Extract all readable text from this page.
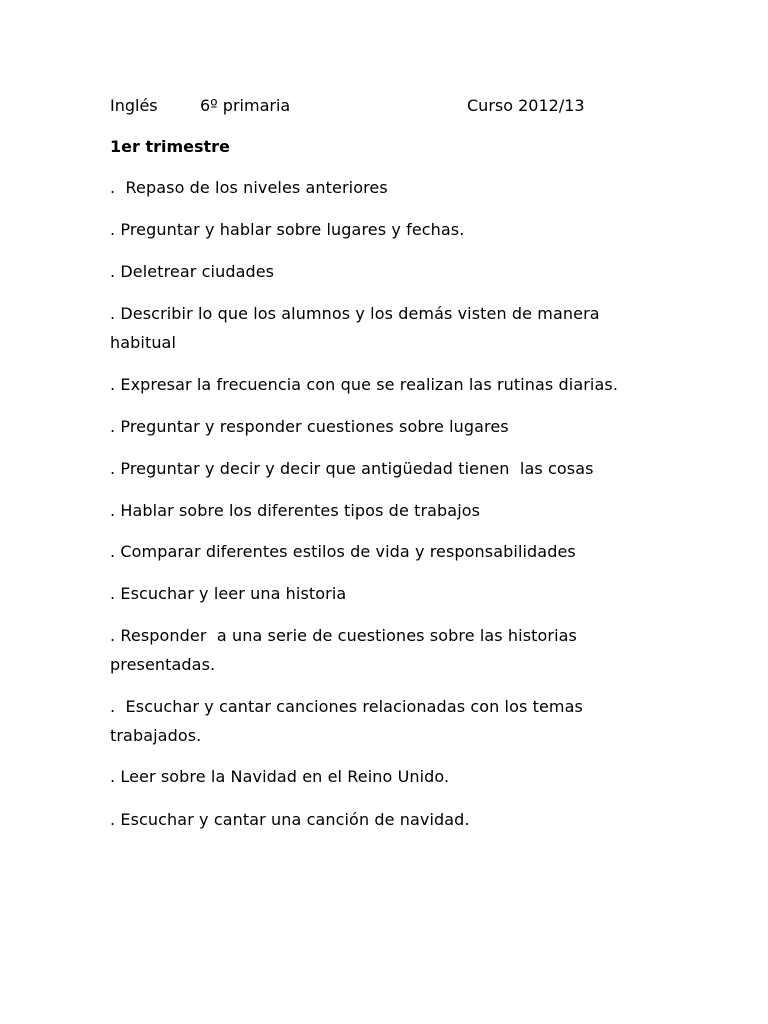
Inglés	6º primaria	Curso 2012/13
1er trimestre
.  Repaso de los niveles anteriores
. Preguntar y hablar sobre lugares y fechas.
. Deletrear ciudades
. Describir lo que los alumnos y los demás visten de manera
habitual
. Expresar la frecuencia con que se realizan las rutinas diarias.
. Preguntar y responder cuestiones sobre lugares
. Preguntar y decir y decir que antigüedad tienen  las cosas
. Hablar sobre los diferentes tipos de trabajos
. Comparar diferentes estilos de vida y responsabilidades
. Escuchar y leer una historia
. Responder  a una serie de cuestiones sobre las historias
presentadas.
.  Escuchar y cantar canciones relacionadas con los temas
trabajados.
. Leer sobre la Navidad en el Reino Unido.
. Escuchar y cantar una canción de navidad.
